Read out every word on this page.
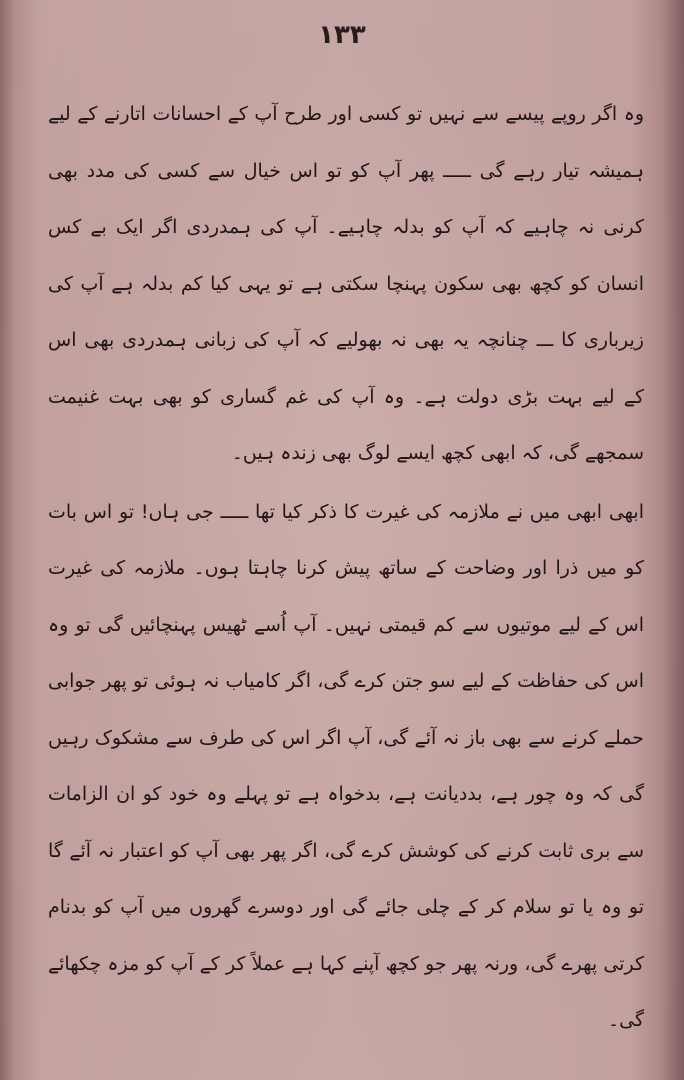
۱۳۳

وہ اگر روپے پیسے سے نہیں تو کسی اور طرح آپ کے احسانات اتارنے کے لیے ہمیشہ تیار رہے گی ـــــ پھر آپ کو تو اس خیال سے کسی کی مدد بھی کرنی نہ چاہیے کہ آپ کو بدلہ چاہیے۔ آپ کی ہمدردی اگر ایک بے کس انسان کو کچھ بھی سکون پہنچا سکتی ہے تو یہی کیا کم بدلہ ہے آپ کی زیرباری کا ـــ چنانچہ یہ بھی نہ بھولیے کہ آپ کی زبانی ہمدردی بھی اس کے لیے بہت بڑی دولت ہے۔ وہ آپ کی غم گساری کو بھی بہت غنیمت سمجھے گی، کہ ابھی کچھ ایسے لوگ بھی زندہ ہیں۔

ابھی ابھی میں نے ملازمہ کی غیرت کا ذکر کیا تھا ـــــ جی ہاں! تو اس بات کو میں ذرا اور وضاحت کے ساتھ پیش کرنا چاہتا ہوں۔ ملازمہ کی غیرت اس کے لیے موتیوں سے کم قیمتی نہیں۔ آپ اُسے ٹھیس پہنچائیں گی تو وہ اس کی حفاظت کے لیے سو جتن کرے گی، اگر کامیاب نہ ہوئی تو پھر جوابی حملے کرنے سے بھی باز نہ آئے گی، آپ اگر اس کی طرف سے مشکوک رہیں گی کہ وہ چور ہے، بددیانت ہے، بدخواہ ہے تو پہلے وہ خود کو ان الزامات سے بری ثابت کرنے کی کوشش کرے گی، اگر پھر بھی آپ کو اعتبار نہ آئے گا تو وہ یا تو سلام کر کے چلی جائے گی اور دوسرے گھروں میں آپ کو بدنام کرتی پھرے گی، ورنہ پھر جو کچھ آپنے کہا ہے عملاً کر کے آپ کو مزہ چکھائے گی۔
